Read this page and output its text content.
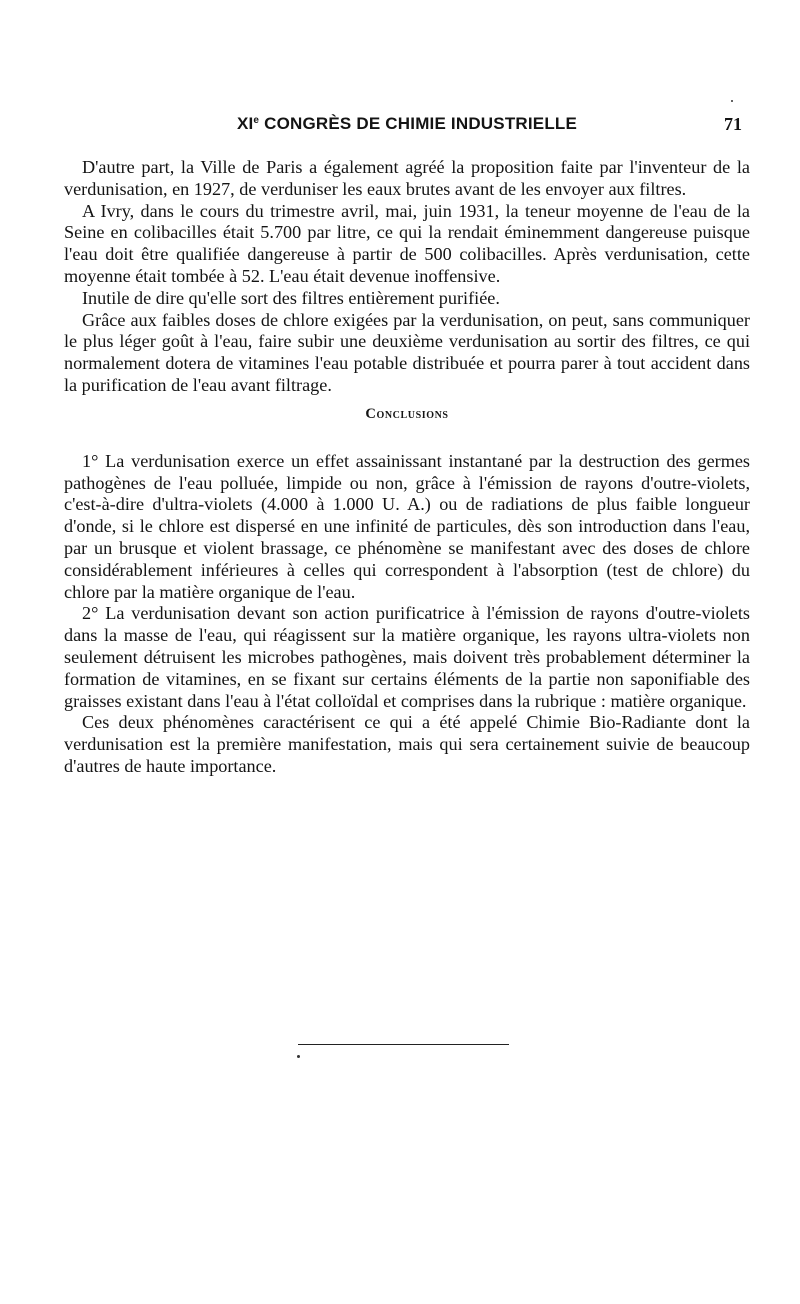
XIe CONGRÈS DE CHIMIE INDUSTRIELLE	71

D'autre part, la Ville de Paris a également agréé la proposition faite par l'inventeur de la verdunisation, en 1927, de verduniser les eaux brutes avant de les envoyer aux filtres.

A Ivry, dans le cours du trimestre avril, mai, juin 1931, la teneur moyenne de l'eau de la Seine en colibacilles était 5.700 par litre, ce qui la rendait éminemment dangereuse puisque l'eau doit être qualifiée dangereuse à partir de 500 colibacilles. Après verdunisation, cette moyenne était tombée à 52. L'eau était devenue inoffensive.

Inutile de dire qu'elle sort des filtres entièrement purifiée.

Grâce aux faibles doses de chlore exigées par la verdunisation, on peut, sans communiquer le plus léger goût à l'eau, faire subir une deuxième verdunisation au sortir des filtres, ce qui normalement dotera de vitamines l'eau potable distribuée et pourra parer à tout accident dans la purification de l'eau avant filtrage.

Conclusions

1° La verdunisation exerce un effet assainissant instantané par la destruction des germes pathogènes de l'eau polluée, limpide ou non, grâce à l'émission de rayons d'outre-violets, c'est-à-dire d'ultra-violets (4.000 à 1.000 U. A.) ou de radiations de plus faible longueur d'onde, si le chlore est dispersé en une infinité de particules, dès son introduction dans l'eau, par un brusque et violent brassage, ce phénomène se manifestant avec des doses de chlore considérablement inférieures à celles qui correspondent à l'absorption (test de chlore) du chlore par la matière organique de l'eau.

2° La verdunisation devant son action purificatrice à l'émission de rayons d'outre-violets dans la masse de l'eau, qui réagissent sur la matière organique, les rayons ultra-violets non seulement détruisent les microbes pathogènes, mais doivent très probablement déterminer la formation de vitamines, en se fixant sur certains éléments de la partie non saponifiable des graisses existant dans l'eau à l'état colloïdal et comprises dans la rubrique : matière organique.

Ces deux phénomènes caractérisent ce qui a été appelé Chimie Bio-Radiante dont la verdunisation est la première manifestation, mais qui sera certainement suivie de beaucoup d'autres de haute importance.
